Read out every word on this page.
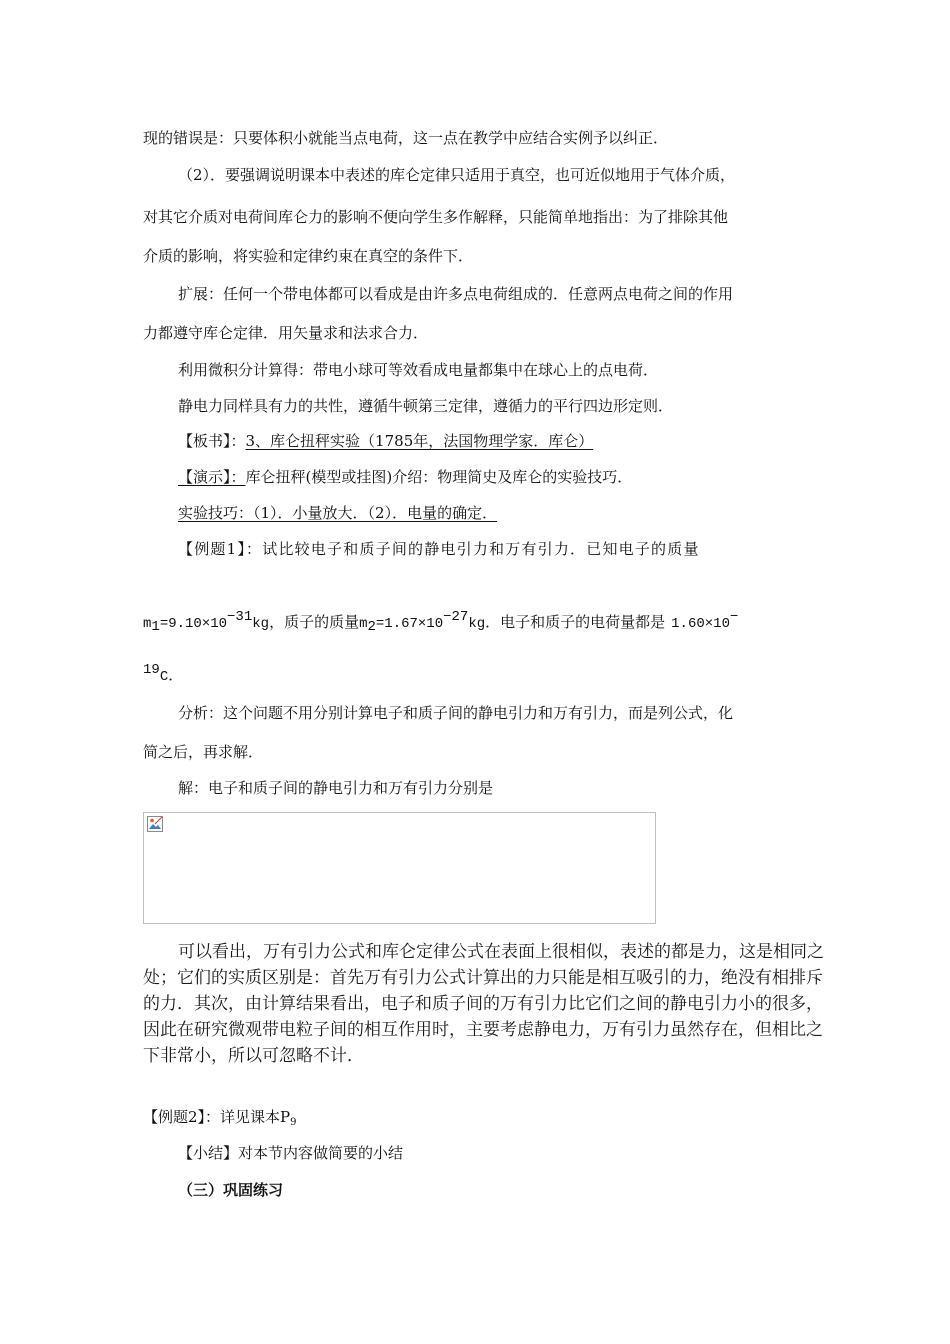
现的错误是：只要体积小就能当点电荷，这一点在教学中应结合实例予以纠正．
（2）．要强调说明课本中表述的库仑定律只适用于真空，也可近似地用于气体介质，
对其它介质对电荷间库仑力的影响不便向学生多作解释，只能简单地指出：为了排除其他
介质的影响，将实验和定律约束在真空的条件下．
扩展：任何一个带电体都可以看成是由许多点电荷组成的．任意两点电荷之间的作用
力都遵守库仑定律．用矢量求和法求合力．
利用微积分计算得：带电小球可等效看成电量都集中在球心上的点电荷．
静电力同样具有力的共性，遵循牛顿第三定律，遵循力的平行四边形定则．
【板书】：3、库仑扭秤实验（1785年，法国物理学家．库仑）
【演示】：库仑扭秤(模型或挂图)介绍：物理简史及库仑的实验技巧．
实验技巧：（1）．小量放大．（2）．电量的确定．
【例题1】：试比较电子和质子间的静电引力和万有引力．已知电子的质量
m1=9.10×10−31kg，质子的质量m2=1.67×10−27kg．电子和质子的电荷量都是 1.60×10−
19C．
分析：这个问题不用分别计算电子和质子间的静电引力和万有引力，而是列公式，化
简之后，再求解．
解：电子和质子间的静电引力和万有引力分别是
可以看出，万有引力公式和库仑定律公式在表面上很相似，表述的都是力，这是相同之
处；它们的实质区别是：首先万有引力公式计算出的力只能是相互吸引的力，绝没有相排斥
的力．其次，由计算结果看出，电子和质子间的万有引力比它们之间的静电引力小的很多，
因此在研究微观带电粒子间的相互作用时，主要考虑静电力，万有引力虽然存在，但相比之
下非常小，所以可忽略不计．
【例题2】：详见课本$P_9$
【小结】对本节内容做简要的小结
（三）巩固练习
